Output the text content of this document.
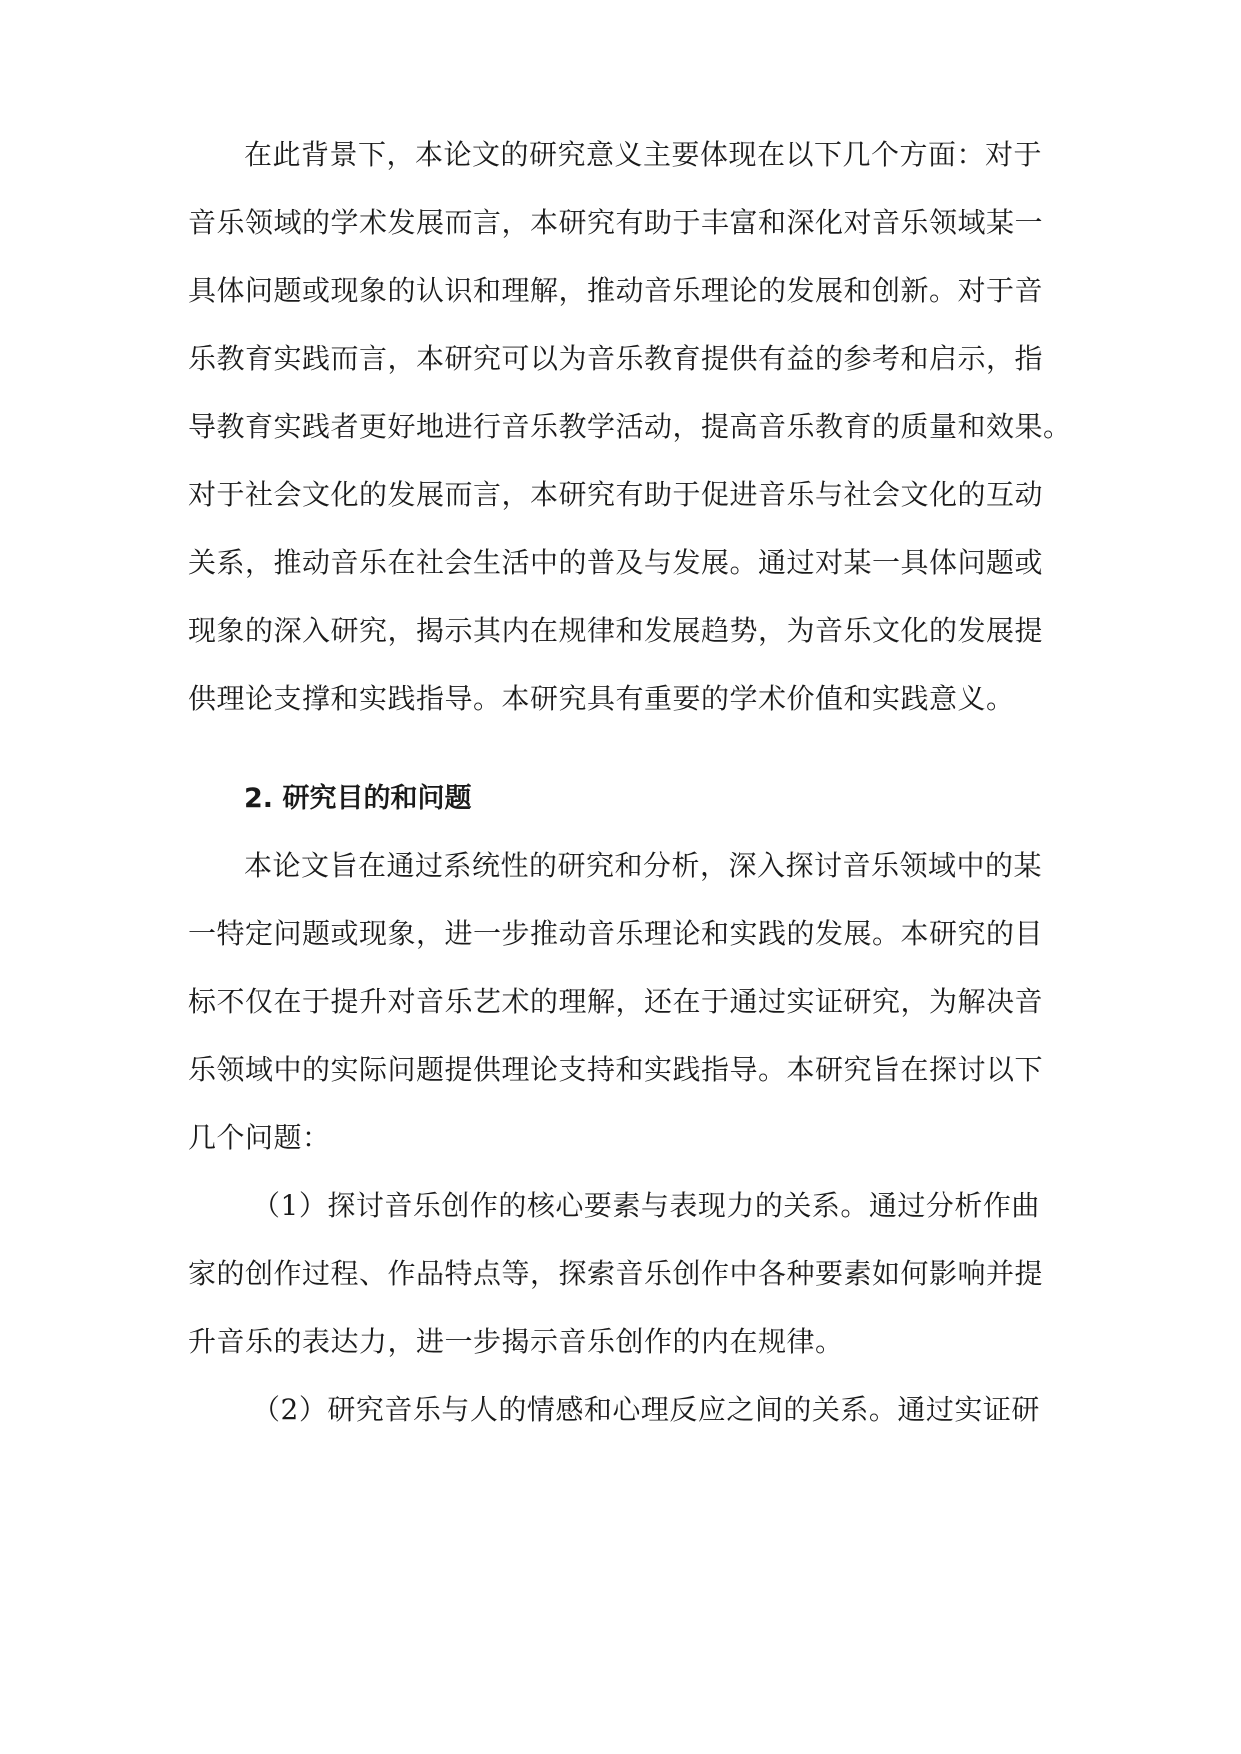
在此背景下，本论文的研究意义主要体现在以下几个方面：对于
音乐领域的学术发展而言，本研究有助于丰富和深化对音乐领域某一
具体问题或现象的认识和理解，推动音乐理论的发展和创新。对于音
乐教育实践而言，本研究可以为音乐教育提供有益的参考和启示，指
导教育实践者更好地进行音乐教学活动，提高音乐教育的质量和效果。
对于社会文化的发展而言，本研究有助于促进音乐与社会文化的互动
关系，推动音乐在社会生活中的普及与发展。通过对某一具体问题或
现象的深入研究，揭示其内在规律和发展趋势，为音乐文化的发展提
供理论支撑和实践指导。本研究具有重要的学术价值和实践意义。
2. 研究目的和问题
本论文旨在通过系统性的研究和分析，深入探讨音乐领域中的某
一特定问题或现象，进一步推动音乐理论和实践的发展。本研究的目
标不仅在于提升对音乐艺术的理解，还在于通过实证研究，为解决音
乐领域中的实际问题提供理论支持和实践指导。本研究旨在探讨以下
几个问题：
（1）探讨音乐创作的核心要素与表现力的关系。通过分析作曲
家的创作过程、作品特点等，探索音乐创作中各种要素如何影响并提
升音乐的表达力，进一步揭示音乐创作的内在规律。
（2）研究音乐与人的情感和心理反应之间的关系。通过实证研
